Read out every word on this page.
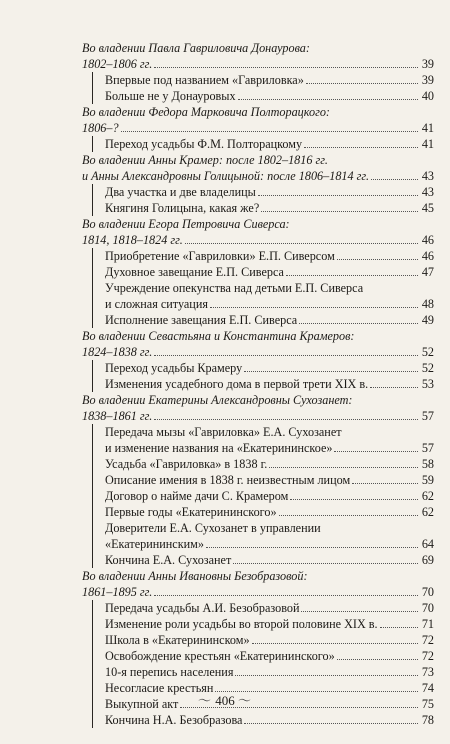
Во владении Павла Гавриловича Донаурова:
1802–1806 гг.	39
Впервые под названием «Гавриловка»	39
Больше не у Донауровых	40
Во владении Федора Марковича Полторацкого:
1806–?	41
Переход усадьбы Ф.М. Полторацкому	41
Во владении Анны Крамер: после 1802–1816 гг.
и Анны Александровны Голицыной: после 1806–1814 гг.	43
Два участка и две владелицы	43
Княгиня Голицына, какая же?	45
Во владении Егора Петровича Сиверса:
1814, 1818–1824 гг.	46
Приобретение «Гавриловки» Е.П. Сиверсом	46
Духовное завещание Е.П. Сиверса	47
Учреждение опекунства над детьми Е.П. Сиверса
и сложная ситуация	48
Исполнение завещания Е.П. Сиверса	49
Во владении Севастьяна и Константина Крамеров:
1824–1838 гг.	52
Переход усадьбы Крамеру	52
Изменения усадебного дома в первой трети XIX в.	53
Во владении Екатерины Александровны Сухозанет:
1838–1861 гг.	57
Передача мызы «Гавриловка» Е.А. Сухозанет
и изменение названия на «Екатерининское»	57
Усадьба «Гавриловка» в 1838 г.	58
Описание имения в 1838 г. неизвестным лицом	59
Договор о найме дачи С. Крамером	62
Первые годы «Екатерининского»	62
Доверители Е.А. Сухозанет в управлении
«Екатерининским»	64
Кончина Е.А. Сухозанет	69
Во владении Анны Ивановны Безобразовой:
1861–1895 гг.	70
Передача усадьбы А.И. Безобразовой	70
Изменение роли усадьбы во второй половине XIX в.	71
Школа в «Екатерининском»	72
Освобождение крестьян «Екатерининского»	72
10-я перепись населения	73
Несогласие крестьян	74
Выкупной акт	75
Кончина Н.А. Безобразова	78
〜 406 〜
